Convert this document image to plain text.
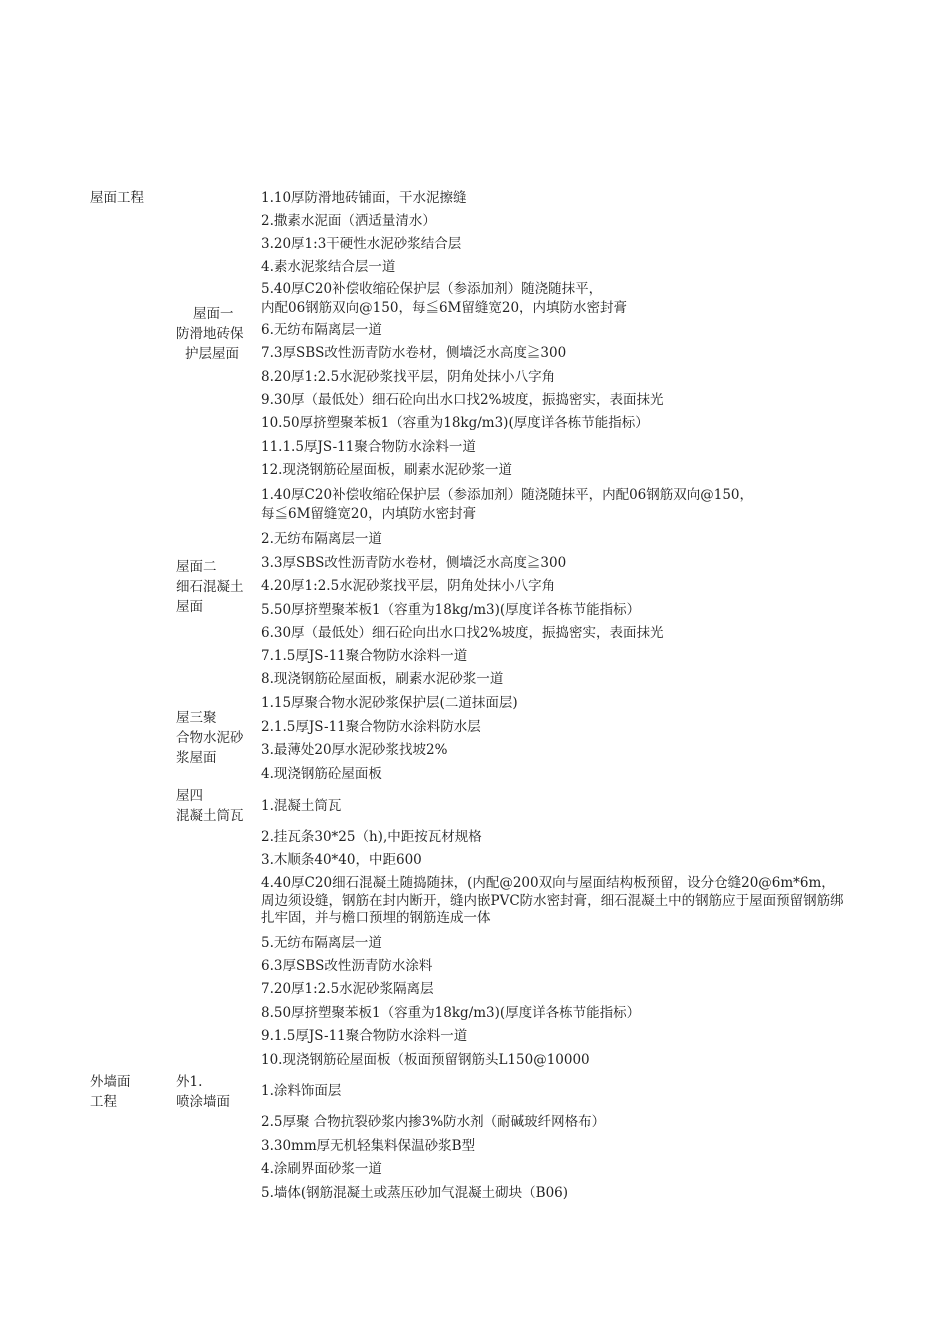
屋面工程
外墙面
工程
屋面一
防滑地砖保
护层屋面
1.10厚防滑地砖铺面，干水泥擦缝
2.撒素水泥面（洒适量清水）
3.20厚1:3干硬性水泥砂浆结合层
4.素水泥浆结合层一道
5.40厚C20补偿收缩砼保护层（参添加剂）随浇随抹平，
内配06钢筋双向@150，每≦6M留缝宽20，内填防水密封膏
6.无纺布隔离层一道
7.3厚SBS改性沥青防水卷材，侧墙泛水高度≧300
8.20厚1:2.5水泥砂浆找平层，阴角处抹小八字角
9.30厚（最低处）细石砼向出水口找2%坡度，振捣密实，表面抹光
10.50厚挤塑聚苯板1（容重为18kg/m3)(厚度详各栋节能指标）
11.1.5厚JS-11聚合物防水涂料一道
12.现浇钢筋砼屋面板，刷素水泥砂浆一道
屋面二
细石混凝土
屋面
1.40厚C20补偿收缩砼保护层（参添加剂）随浇随抹平，内配06钢筋双向@150，
每≦6M留缝宽20，内填防水密封膏
2.无纺布隔离层一道
3.3厚SBS改性沥青防水卷材，侧墙泛水高度≧300
4.20厚1:2.5水泥砂浆找平层，阴角处抹小八字角
5.50厚挤塑聚苯板1（容重为18kg/m3)(厚度详各栋节能指标）
6.30厚（最低处）细石砼向出水口找2%坡度，振捣密实，表面抹光
7.1.5厚JS-11聚合物防水涂料一道
8.现浇钢筋砼屋面板，刷素水泥砂浆一道
屋三聚
合物水泥砂
浆屋面
1.15厚聚合物水泥砂浆保护层(二道抹面层)
2.1.5厚JS-11聚合物防水涂料防水层
3.最薄处20厚水泥砂浆找坡2%
4.现浇钢筋砼屋面板
屋四
混凝土筒瓦
1.混凝土筒瓦
2.挂瓦条30*25（h),中距按瓦材规格
3.木顺条40*40，中距600
4.40厚C20细石混凝土随捣随抹，(内配@200双向与屋面结构板预留，设分仓缝20@6m*6m，周边须设缝，钢筋在封内断开，缝内嵌PVC防水密封膏，细石混凝土中的钢筋应于屋面预留钢筋绑扎牢固，并与檐口预埋的钢筋连成一体
5.无纺布隔离层一道
6.3厚SBS改性沥青防水涂料
7.20厚1:2.5水泥砂浆隔离层
8.50厚挤塑聚苯板1（容重为18kg/m3)(厚度详各栋节能指标）
9.1.5厚JS-11聚合物防水涂料一道
10.现浇钢筋砼屋面板（板面预留钢筋头L150@10000
外1.
喷涂墙面
1.涂料饰面层
2.5厚聚 合物抗裂砂浆内掺3%防水剂（耐碱玻纤网格布）
3.30mm厚无机轻集料保温砂浆B型
4.涂刷界面砂浆一道
5.墙体(钢筋混凝土或蒸压砂加气混凝土砌块（B06)
